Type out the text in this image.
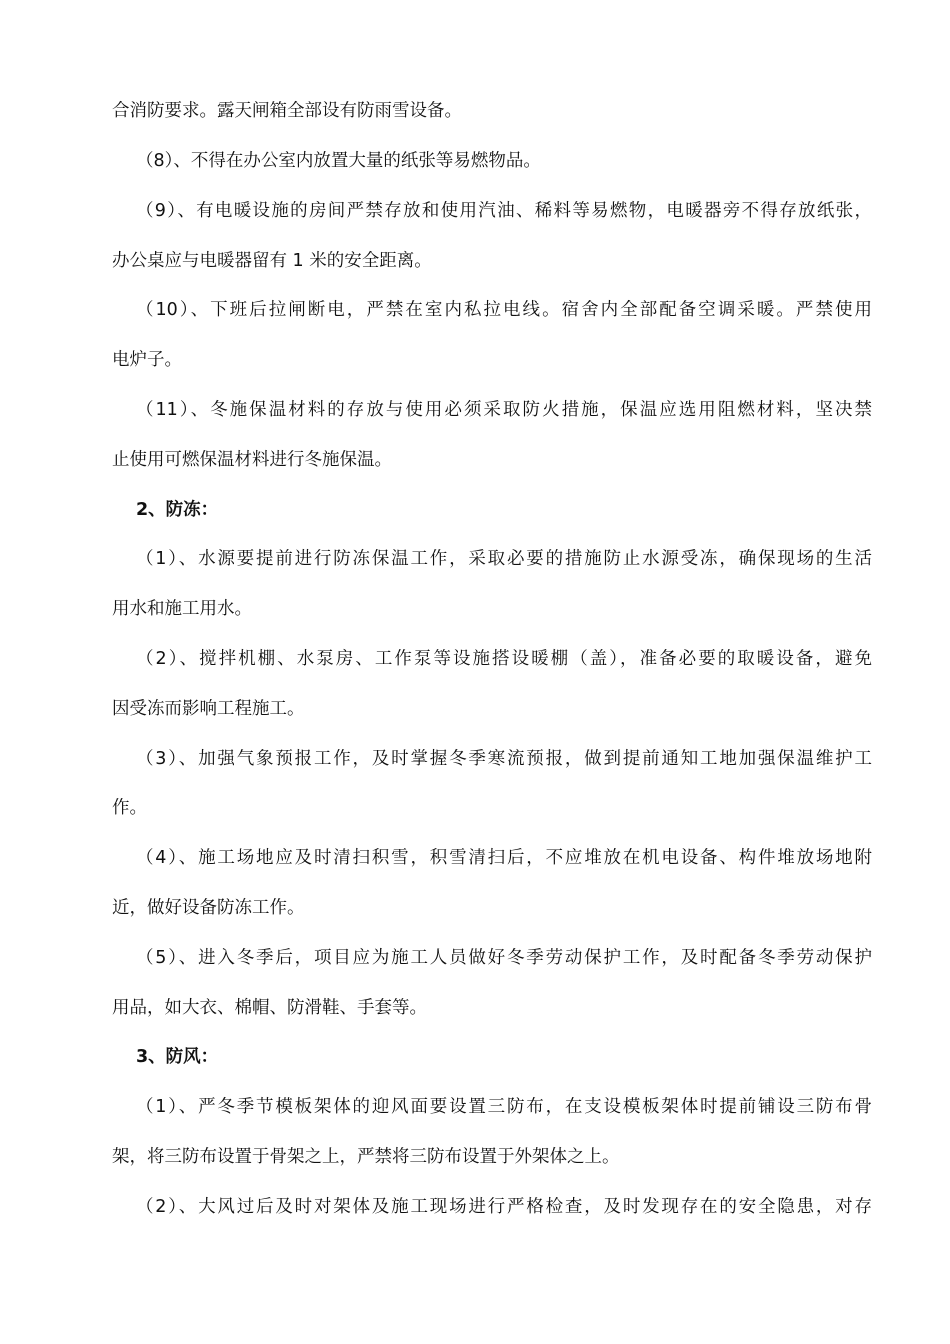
合消防要求。露天闸箱全部设有防雨雪设备。
（8）、不得在办公室内放置大量的纸张等易燃物品。
（9）、有电暖设施的房间严禁存放和使用汽油、稀料等易燃物，电暖器旁不得存放纸张，
办公桌应与电暖器留有 1 米的安全距离。
（10）、下班后拉闸断电，严禁在室内私拉电线。宿舍内全部配备空调采暖。严禁使用
电炉子。
（11）、冬施保温材料的存放与使用必须采取防火措施，保温应选用阻燃材料，坚决禁
止使用可燃保温材料进行冬施保温。
2、防冻：
（1）、水源要提前进行防冻保温工作，采取必要的措施防止水源受冻，确保现场的生活
用水和施工用水。
（2）、搅拌机棚、水泵房、工作泵等设施搭设暖棚（盖），准备必要的取暖设备，避免
因受冻而影响工程施工。
（3）、加强气象预报工作，及时掌握冬季寒流预报，做到提前通知工地加强保温维护工
作。
（4）、施工场地应及时清扫积雪，积雪清扫后，不应堆放在机电设备、构件堆放场地附
近，做好设备防冻工作。
（5）、进入冬季后，项目应为施工人员做好冬季劳动保护工作，及时配备冬季劳动保护
用品，如大衣、棉帽、防滑鞋、手套等。
3、防风：
（1）、严冬季节模板架体的迎风面要设置三防布，在支设模板架体时提前铺设三防布骨
架，将三防布设置于骨架之上，严禁将三防布设置于外架体之上。
（2）、大风过后及时对架体及施工现场进行严格检查，及时发现存在的安全隐患，对存
